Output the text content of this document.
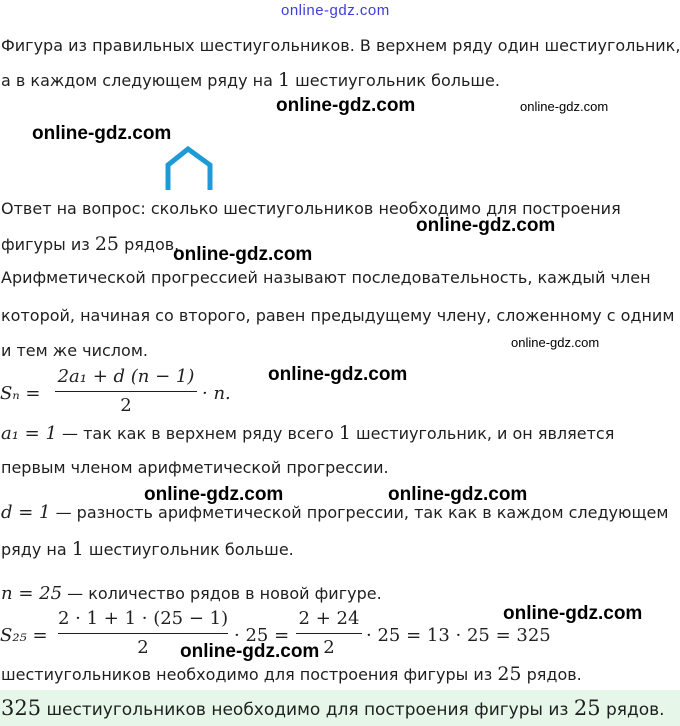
online-gdz.com
Фигура из правильных шестиугольников. В верхнем ряду один шестиугольник,
а в каждом следующем ряду на 1 шестиугольник больше.
Ответ на вопрос: сколько шестиугольников необходимо для построения
фигуры из 25 рядов.
Арифметической прогрессией называют последовательность, каждый член
которой, начиная со второго, равен предыдущему члену, сложенному с одним
и тем же числом.
Sₙ =
2a₁ + d (n − 1)
2
· n.
a₁ = 1 — так как в верхнем ряду всего 1 шестиугольник, и он является
первым членом арифметической прогрессии.
d = 1 — разность арифметической прогрессии, так как в каждом следующем
ряду на 1 шестиугольник больше.
n = 25 — количество рядов в новой фигуре.
S₂₅ =
2 · 1 + 1 · (25 − 1)
2
· 25 =
2 + 24
2
· 25 = 13 · 25 = 325
шестиугольников необходимо для построения фигуры из 25 рядов.
325 шестиугольников необходимо для построения фигуры из 25 рядов.
online-gdz.com	online-gdz.com
online-gdz.com
online-gdz.com
online-gdz.com
online-gdz.com
online-gdz.com
online-gdz.com	online-gdz.com
online-gdz.com
online-gdz.com
